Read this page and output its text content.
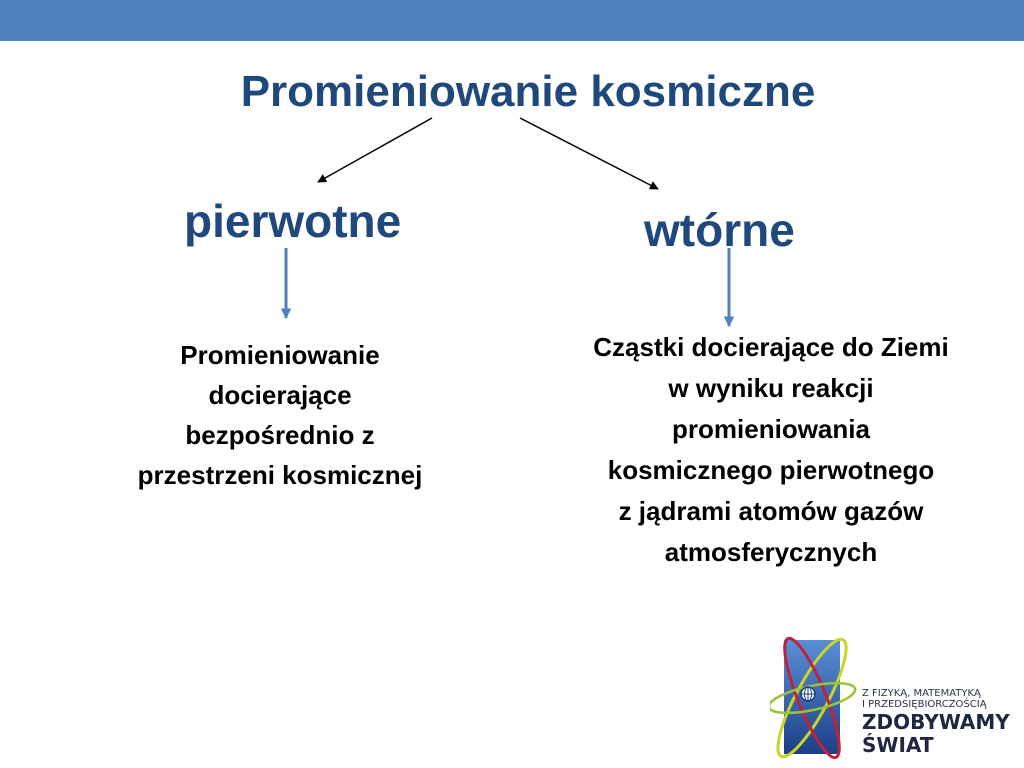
Promieniowanie kosmiczne
pierwotne	wtórne
Promieniowanie
docierające
bezpośrednio z
przestrzeni kosmicznej
Cząstki docierające do Ziemi
w wyniku reakcji
promieniowania
kosmicznego pierwotnego
z jądrami atomów gazów
atmosferycznych
Z FIZYKĄ, MATEMATYKĄ
I PRZEDSIĘBIORCZOŚCIĄ
ZDOBYWAMY
ŚWIAT
